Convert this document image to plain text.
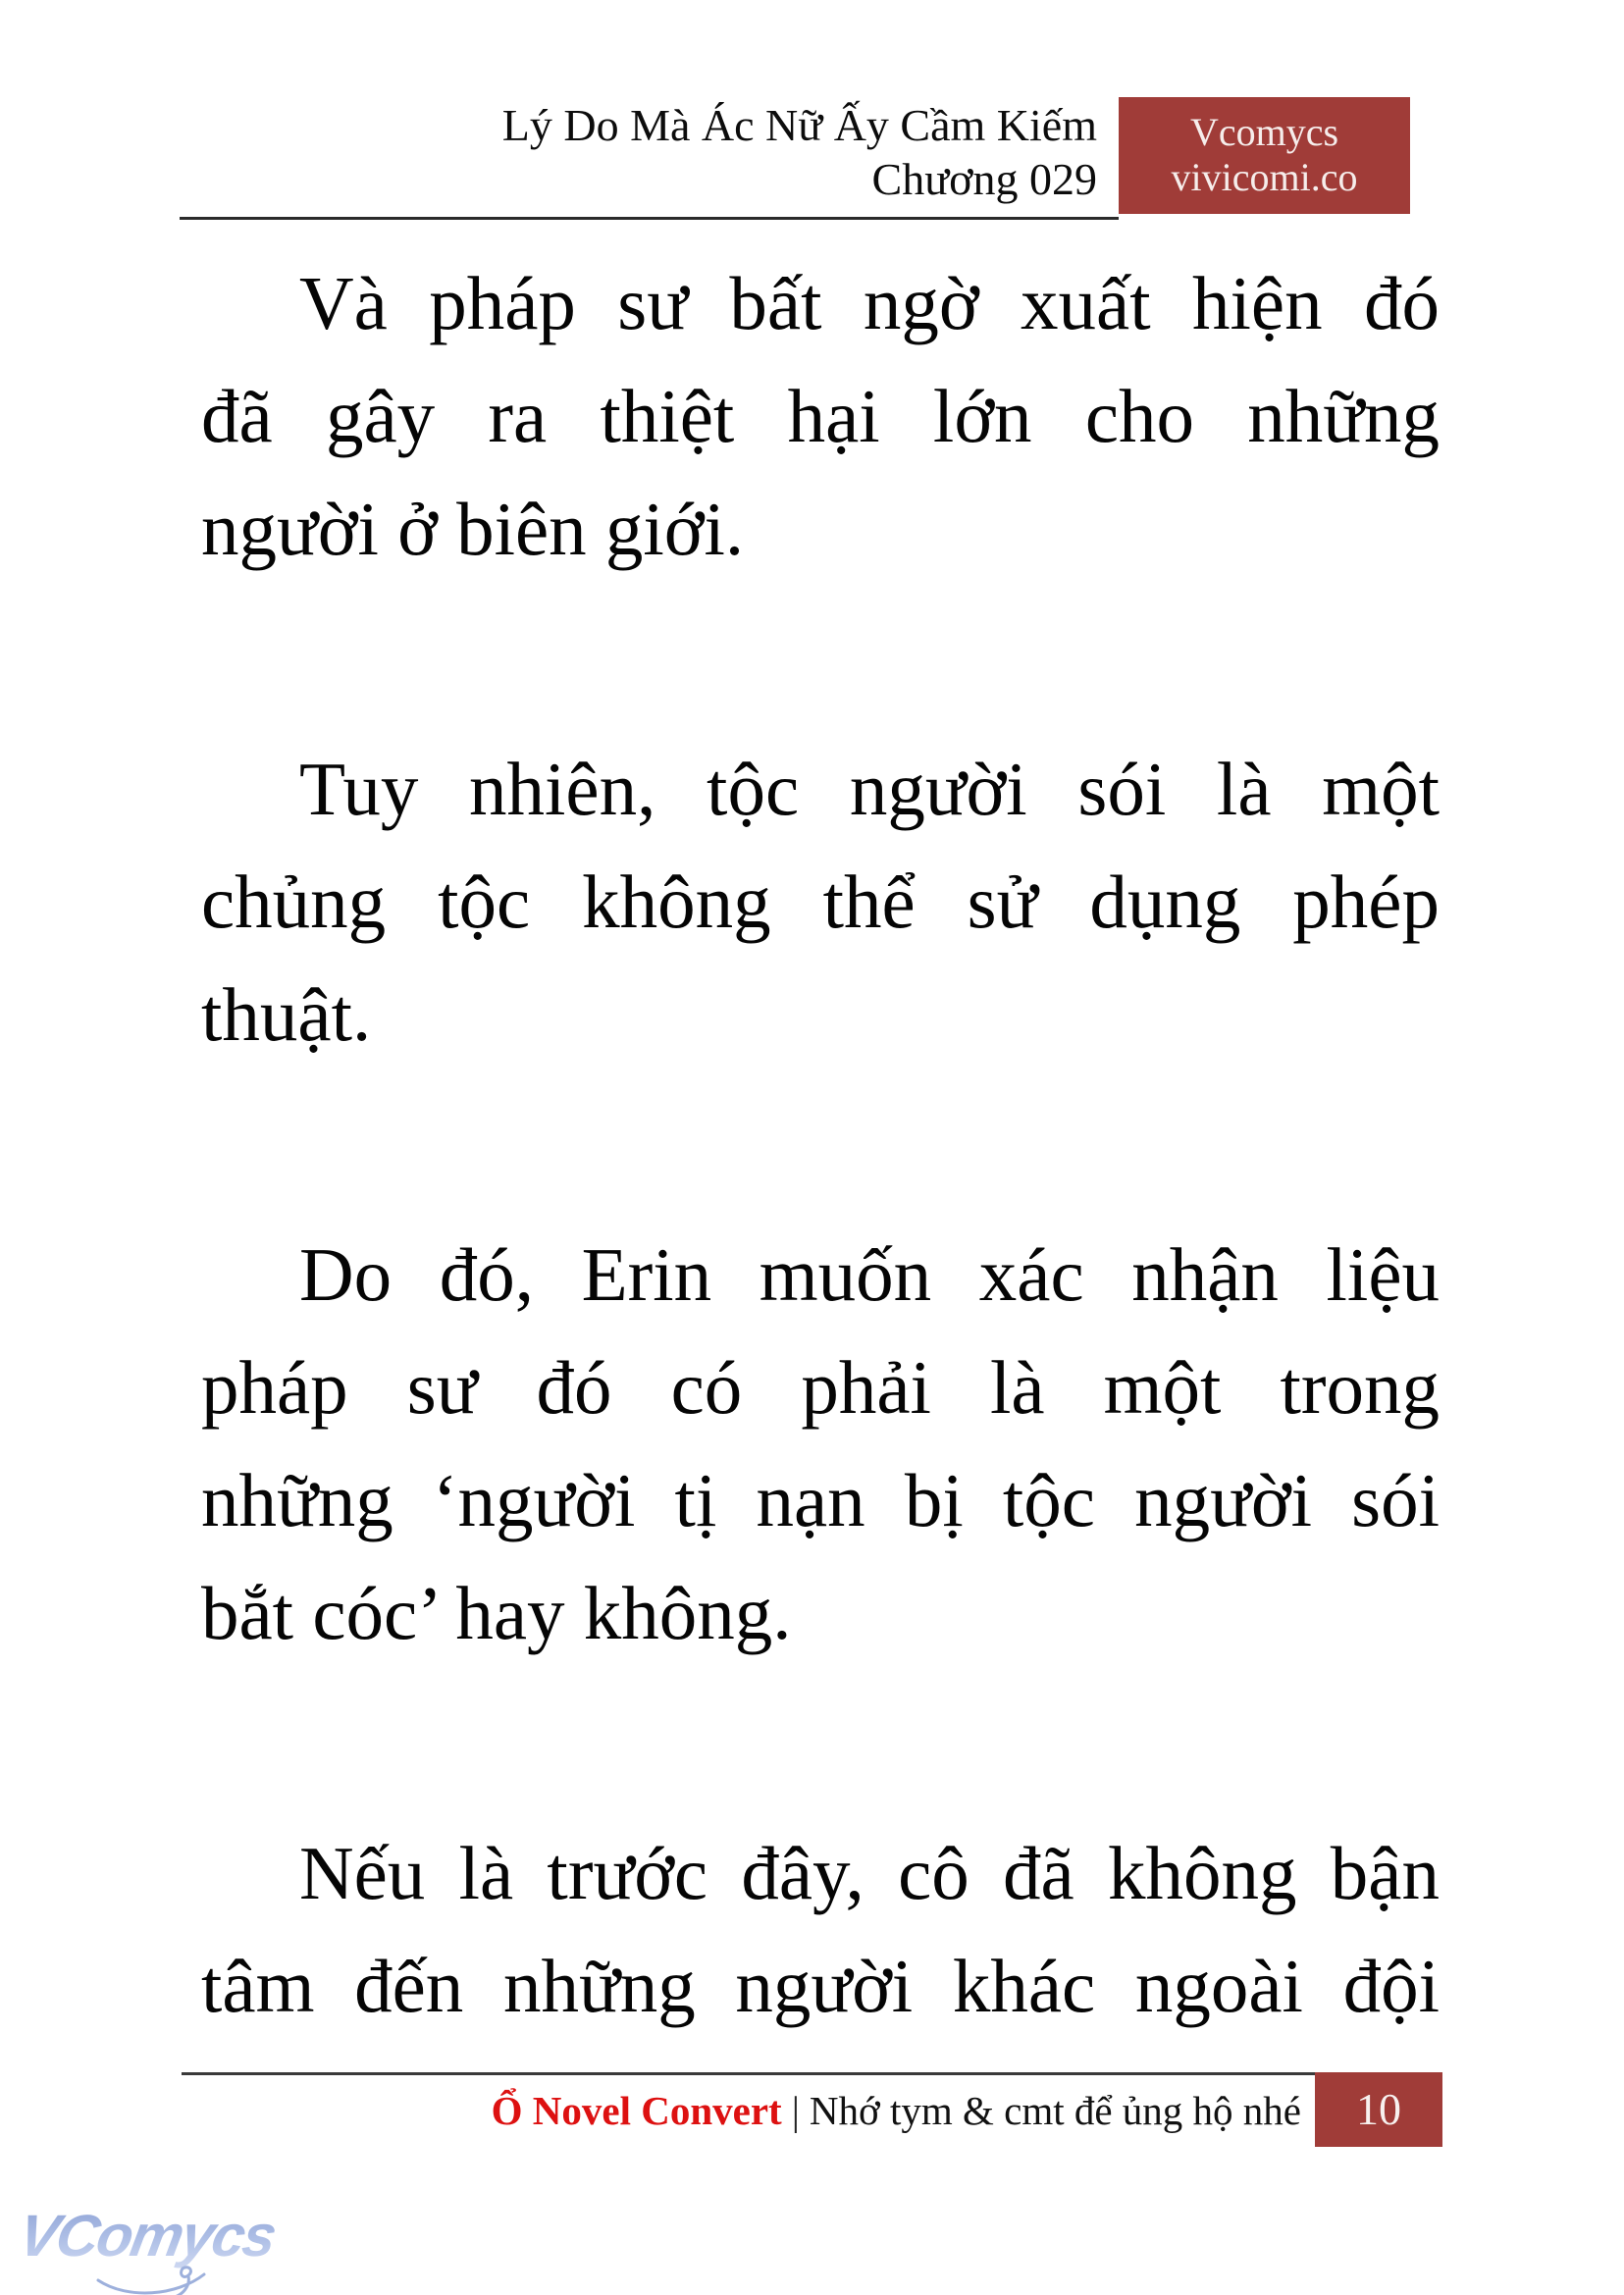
Lý Do Mà Ác Nữ Ấy Cầm Kiếm
Chương 029
Vcomycs
vivicomi.co
Và pháp sư bất ngờ xuất hiện đó
đã gây ra thiệt hại lớn cho những
người ở biên giới.
Tuy nhiên, tộc người sói là một
chủng tộc không thể sử dụng phép
thuật.
Do đó, Erin muốn xác nhận liệu
pháp sư đó có phải là một trong
những ‘người tị nạn bị tộc người sói
bắt cóc’ hay không.
Nếu là trước đây, cô đã không bận
tâm đến những người khác ngoài đội
Ổ Novel Convert | Nhớ tym & cmt để ủng hộ nhé	10
VComycs
